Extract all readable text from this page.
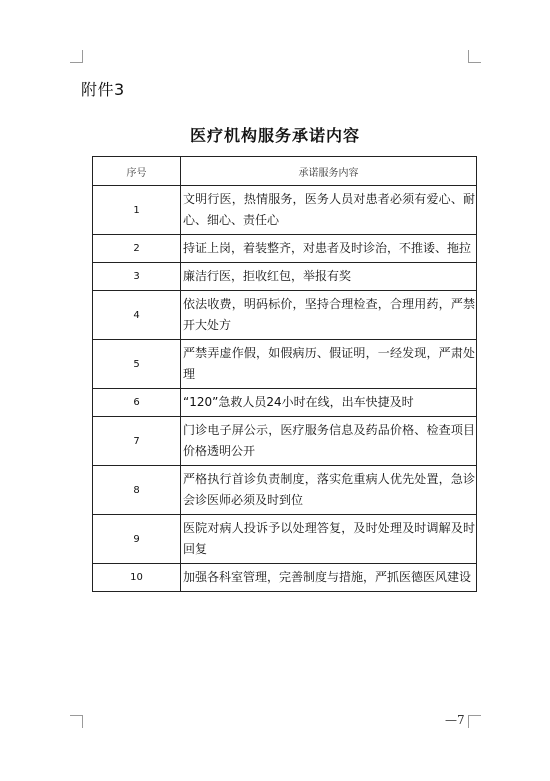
附件3
医疗机构服务承诺内容
序号	承诺服务内容
1	文明行医，热情服务，医务人员对患者必须有爱心、耐心、细心、责任心
2	持证上岗，着装整齐，对患者及时诊治，不推诿、拖拉
3	廉洁行医，拒收红包，举报有奖
4	依法收费，明码标价，坚持合理检查，合理用药，严禁开大处方
5	严禁弄虚作假，如假病历、假证明，一经发现，严肃处理
6	“120”急救人员24小时在线，出车快捷及时
7	门诊电子屏公示，医疗服务信息及药品价格、检查项目价格透明公开
8	严格执行首诊负责制度，落实危重病人优先处置，急诊会诊医师必须及时到位
9	医院对病人投诉予以处理答复，及时处理及时调解及时回复
10	加强各科室管理，完善制度与措施，严抓医德医风建设
—7
